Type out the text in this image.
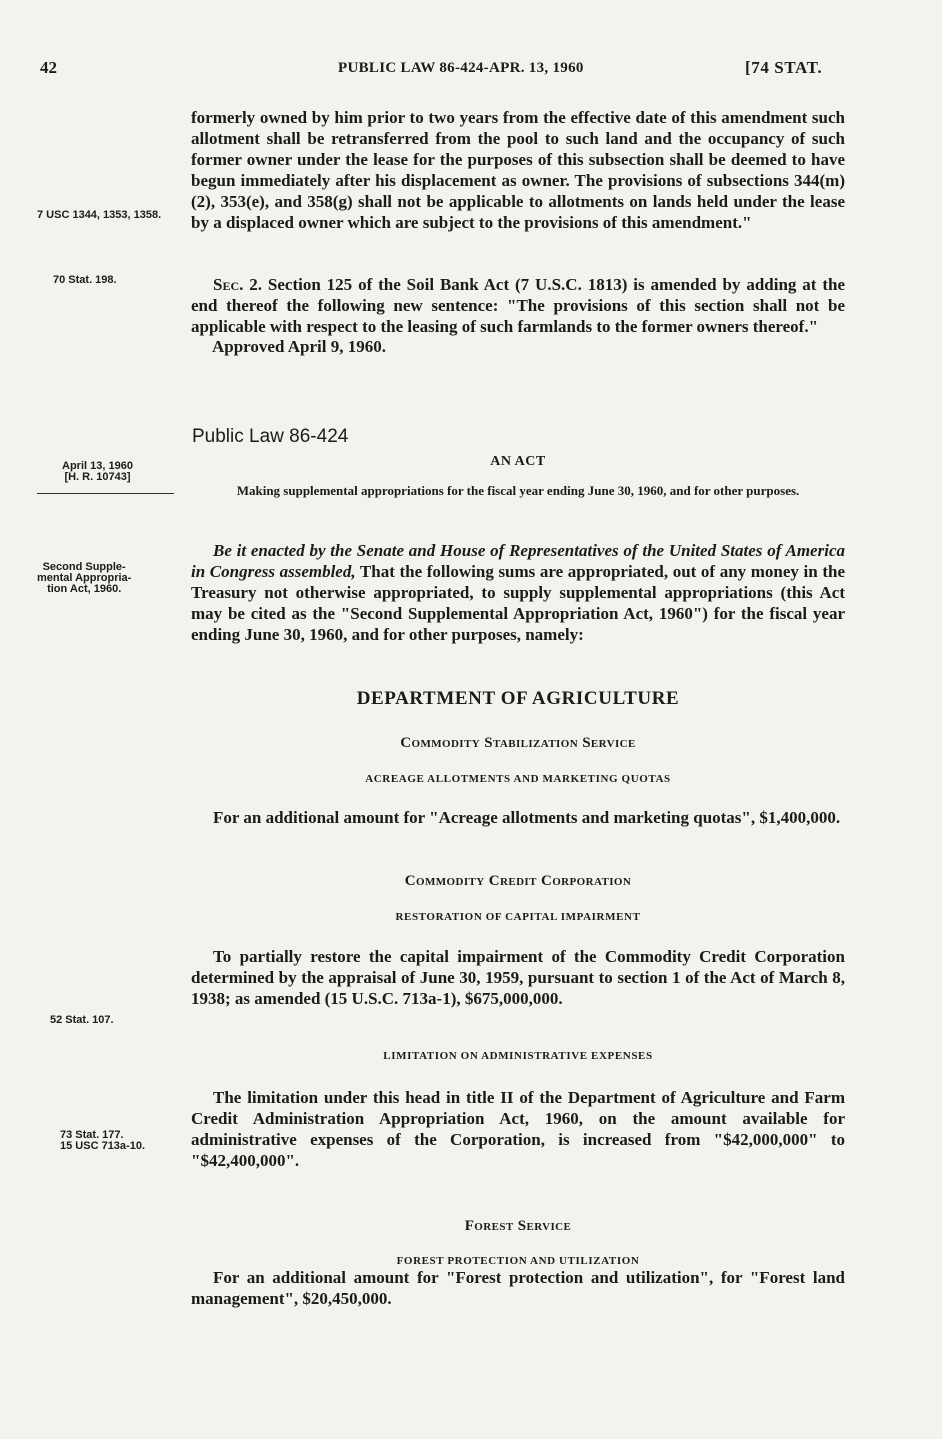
42	PUBLIC LAW 86-424-APR. 13, 1960	[74 STAT.
7 USC 1344, 1353, 1358.
70 Stat. 198.
April 13, 1960
[H. R. 10743]
Second Supple-
mental Appropria-
tion Act, 1960.
52 Stat. 107.
73 Stat. 177.
15 USC 713a-10.

formerly owned by him prior to two years from the effective date of this amendment such allotment shall be retransferred from the pool to such land and the occupancy of such former owner under the lease for the purposes of this subsection shall be deemed to have begun immediately after his displacement as owner. The provisions of subsections 344(m)(2), 353(e), and 358(g) shall not be applicable to allotments on lands held under the lease by a displaced owner which are subject to the provisions of this amendment."

Sec. 2. Section 125 of the Soil Bank Act (7 U.S.C. 1813) is amended by adding at the end thereof the following new sentence: "The provisions of this section shall not be applicable with respect to the leasing of such farmlands to the former owners thereof."

Approved April 9, 1960.
Public Law 86-424
AN ACT
Making supplemental appropriations for the fiscal year ending June 30, 1960, and for other purposes.

Be it enacted by the Senate and House of Representatives of the United States of America in Congress assembled, That the following sums are appropriated, out of any money in the Treasury not otherwise appropriated, to supply supplemental appropriations (this Act may be cited as the "Second Supplemental Appropriation Act, 1960") for the fiscal year ending June 30, 1960, and for other purposes, namely:

DEPARTMENT OF AGRICULTURE
Commodity Stabilization Service
ACREAGE ALLOTMENTS AND MARKETING QUOTAS

For an additional amount for "Acreage allotments and marketing quotas", $1,400,000.

Commodity Credit Corporation
RESTORATION OF CAPITAL IMPAIRMENT

To partially restore the capital impairment of the Commodity Credit Corporation determined by the appraisal of June 30, 1959, pursuant to section 1 of the Act of March 8, 1938; as amended (15 U.S.C. 713a-1), $675,000,000.

LIMITATION ON ADMINISTRATIVE EXPENSES

The limitation under this head in title II of the Department of Agriculture and Farm Credit Administration Appropriation Act, 1960, on the amount available for administrative expenses of the Corporation, is increased from "$42,000,000" to "$42,400,000".

Forest Service
FOREST PROTECTION AND UTILIZATION

For an additional amount for "Forest protection and utilization", for "Forest land management", $20,450,000.
